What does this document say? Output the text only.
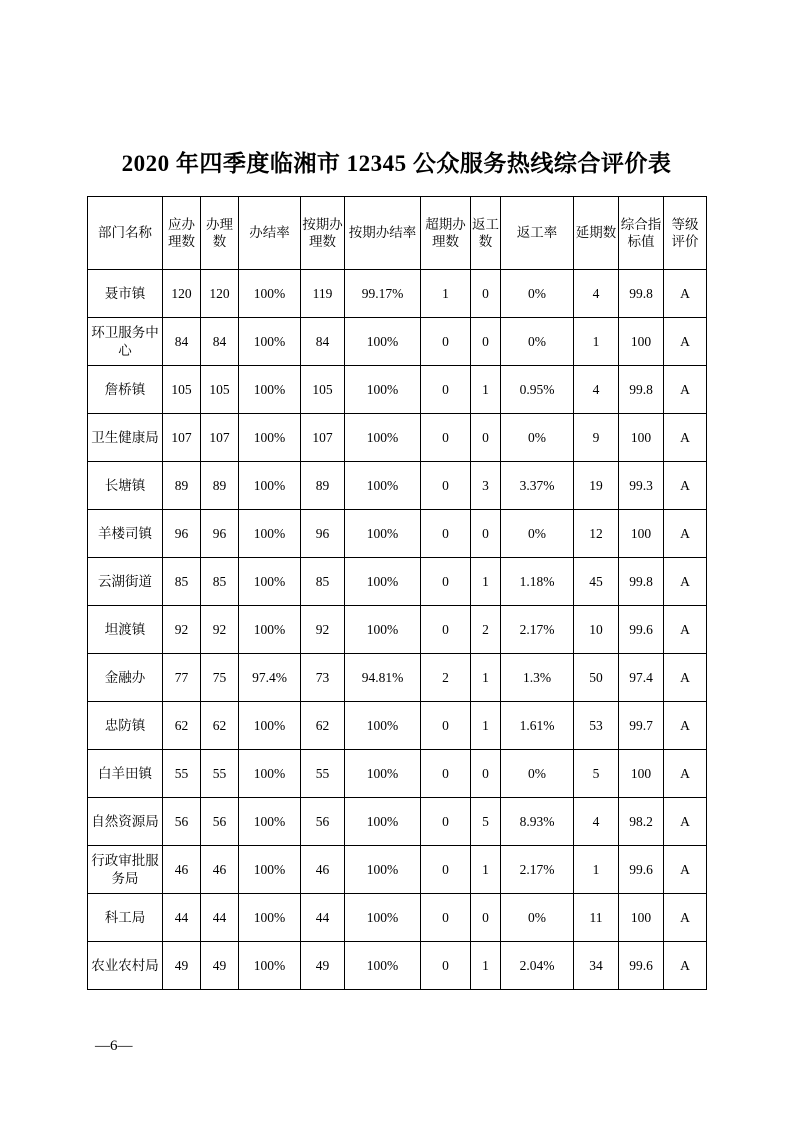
2020 年四季度临湘市 12345 公众服务热线综合评价表
部门名称	应办理数	办理数	办结率	按期办理数	按期办结率	超期办理数	返工数	返工率	延期数	综合指标值	等级评价
聂市镇	120	120	100%	119	99.17%	1	0	0%	4	99.8	A
环卫服务中心	84	84	100%	84	100%	0	0	0%	1	100	A
詹桥镇	105	105	100%	105	100%	0	1	0.95%	4	99.8	A
卫生健康局	107	107	100%	107	100%	0	0	0%	9	100	A
长塘镇	89	89	100%	89	100%	0	3	3.37%	19	99.3	A
羊楼司镇	96	96	100%	96	100%	0	0	0%	12	100	A
云湖街道	85	85	100%	85	100%	0	1	1.18%	45	99.8	A
坦渡镇	92	92	100%	92	100%	0	2	2.17%	10	99.6	A
金融办	77	75	97.4%	73	94.81%	2	1	1.3%	50	97.4	A
忠防镇	62	62	100%	62	100%	0	1	1.61%	53	99.7	A
白羊田镇	55	55	100%	55	100%	0	0	0%	5	100	A
自然资源局	56	56	100%	56	100%	0	5	8.93%	4	98.2	A
行政审批服务局	46	46	100%	46	100%	0	1	2.17%	1	99.6	A
科工局	44	44	100%	44	100%	0	0	0%	11	100	A
农业农村局	49	49	100%	49	100%	0	1	2.04%	34	99.6	A
—6—
